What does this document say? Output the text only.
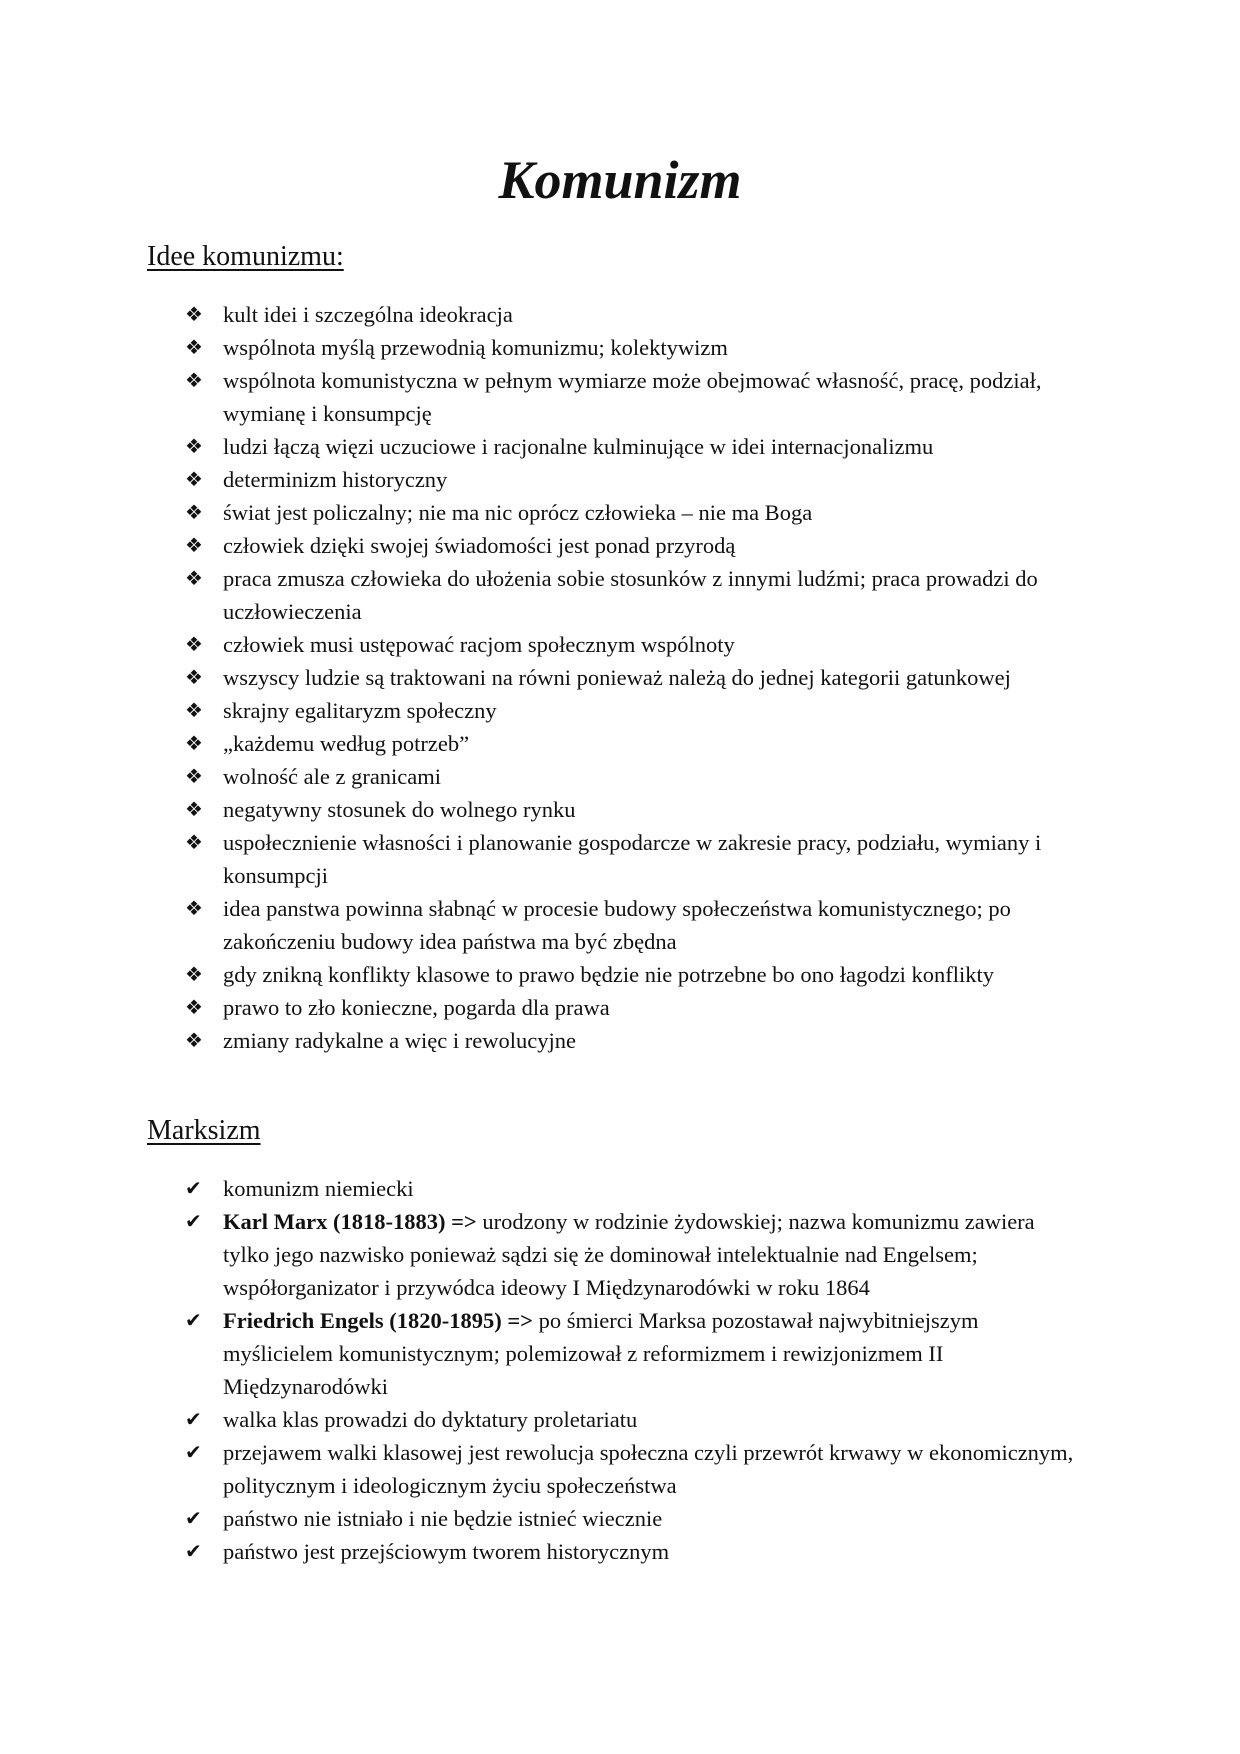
Komunizm
Idee komunizmu:
❖ kult idei i szczególna ideokracja
❖ wspólnota myślą przewodnią komunizmu; kolektywizm
❖ wspólnota komunistyczna w pełnym wymiarze może obejmować własność, pracę, podział, wymianę i konsumpcję
❖ ludzi łączą więzi uczuciowe i racjonalne kulminujące w idei internacjonalizmu
❖ determinizm historyczny
❖ świat jest policzalny; nie ma nic oprócz człowieka – nie ma Boga
❖ człowiek dzięki swojej świadomości jest ponad przyrodą
❖ praca zmusza człowieka do ułożenia sobie stosunków z innymi ludźmi; praca prowadzi do uczłowieczenia
❖ człowiek musi ustępować racjom społecznym wspólnoty
❖ wszyscy ludzie są traktowani na równi ponieważ należą do jednej kategorii gatunkowej
❖ skrajny egalitaryzm społeczny
❖ „każdemu według potrzeb”
❖ wolność ale z granicami
❖ negatywny stosunek do wolnego rynku
❖ uspołecznienie własności i planowanie gospodarcze w zakresie pracy, podziału, wymiany i konsumpcji
❖ idea panstwa powinna słabnąć w procesie budowy społeczeństwa komunistycznego; po zakończeniu budowy idea państwa ma być zbędna
❖ gdy znikną konflikty klasowe to prawo będzie nie potrzebne bo ono łagodzi konflikty
❖ prawo to zło konieczne, pogarda dla prawa
❖ zmiany radykalne a więc i rewolucyjne
Marksizm
✔ komunizm niemiecki
✔ Karl Marx (1818-1883) => urodzony w rodzinie żydowskiej; nazwa komunizmu zawiera tylko jego nazwisko ponieważ sądzi się że dominował intelektualnie nad Engelsem; współorganizator i przywódca ideowy I Międzynarodówki w roku 1864
✔ Friedrich Engels (1820-1895) => po śmierci Marksa pozostawał najwybitniejszym myślicielem komunistycznym; polemizował z reformizmem i rewizjonizmem II Międzynarodówki
✔ walka klas prowadzi do dyktatury proletariatu
✔ przejawem walki klasowej jest rewolucja społeczna czyli przewrót krwawy w ekonomicznym, politycznym i ideologicznym życiu społeczeństwa
✔ państwo nie istniało i nie będzie istnieć wiecznie
✔ państwo jest przejściowym tworem historycznym
